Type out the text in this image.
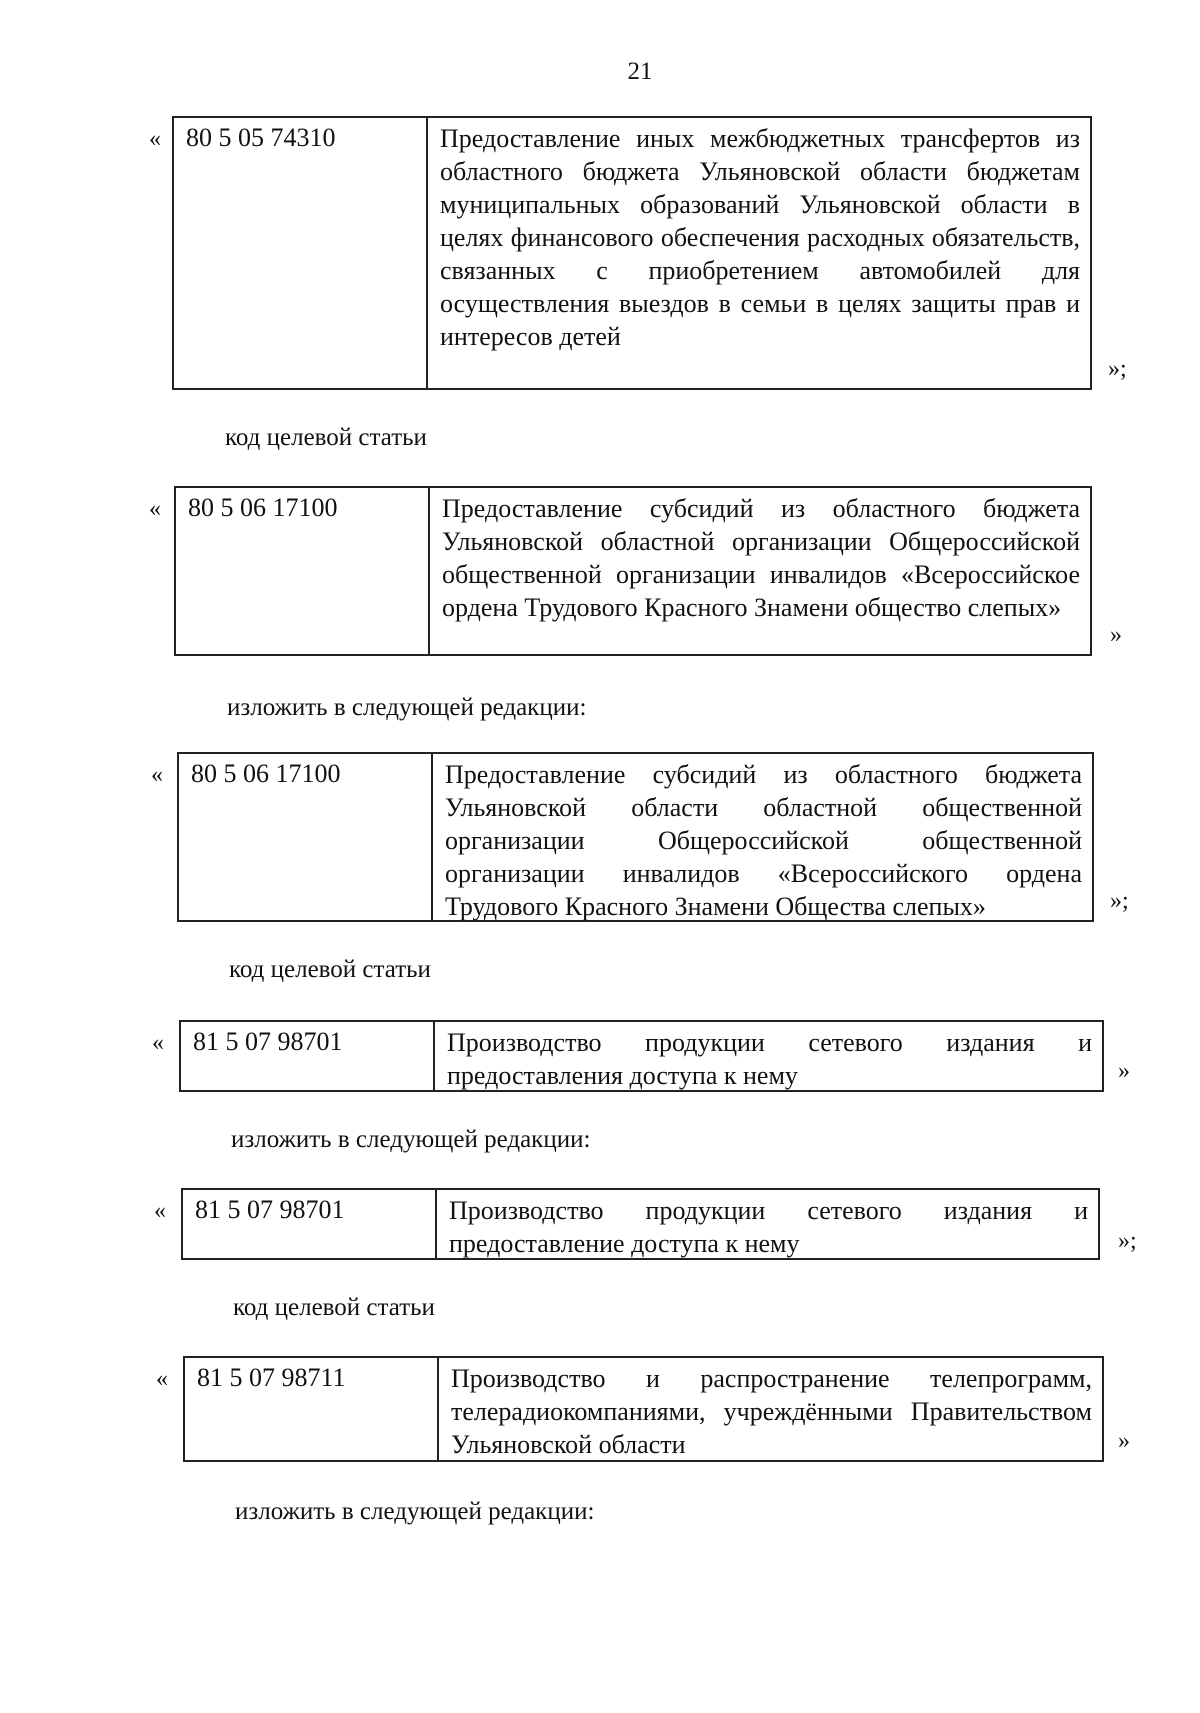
21
« 80 5 05 74310	Предоставление иных межбюджетных трансфертов из областного бюджета Ульяновской области бюджетам муниципальных образований Ульяновской области в целях финансового обеспечения расходных обязательств, связанных с приобретением автомобилей для осуществления выездов в семьи в целях защиты прав и интересов детей
»;
код целевой статьи
«	80 5 06 17100	Предоставление субсидий из областного бюджета Ульяновской областной организации Общероссийской общественной организации инвалидов «Всероссийское ордена Трудового Красного Знамени общество слепых»
»
изложить в следующей редакции:
«	80 5 06 17100	Предоставление субсидий из областного бюджета Ульяновской области областной общественной организации Общероссийской общественной организации инвалидов «Всероссийского ордена Трудового Красного Знамени Общества слепых»	»;
код целевой статьи
«	81 5 07 98701	Производство продукции сетевого издания и предоставления доступа к нему	»
изложить в следующей редакции:
«	81 5 07 98701	Производство продукции сетевого издания и предоставление доступа к нему	»;
код целевой статьи
«	81 5 07 98711	Производство и распространение телепрограмм, телерадиокомпаниями, учреждёнными Правительством Ульяновской области	»
изложить в следующей редакции:
